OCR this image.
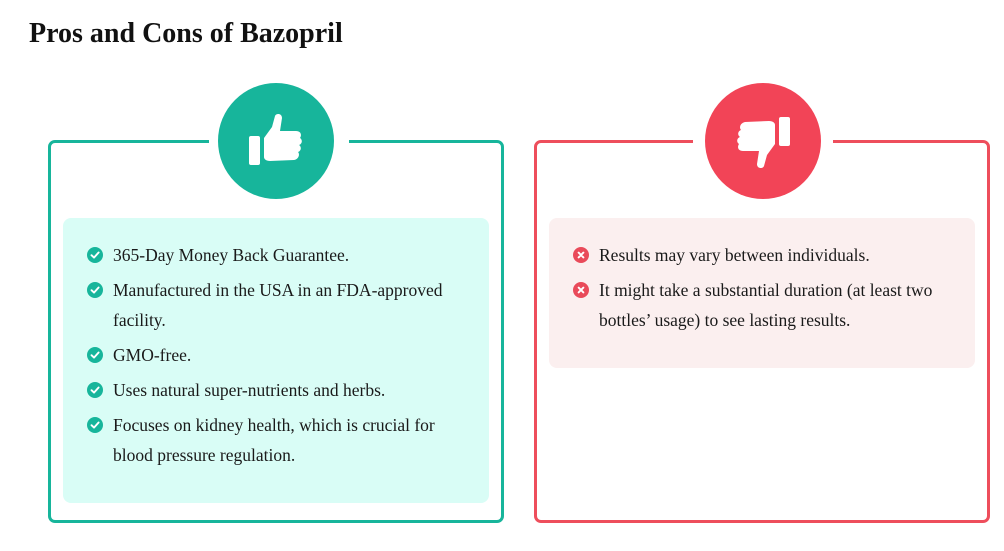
Pros and Cons of Bazopril
365-Day Money Back Guarantee.
Manufactured in the USA in an FDA-approved facility.
GMO-free.
Uses natural super-nutrients and herbs.
Focuses on kidney health, which is crucial for blood pressure regulation.
Results may vary between individuals.
It might take a substantial duration (at least two bottles’ usage) to see lasting results.
